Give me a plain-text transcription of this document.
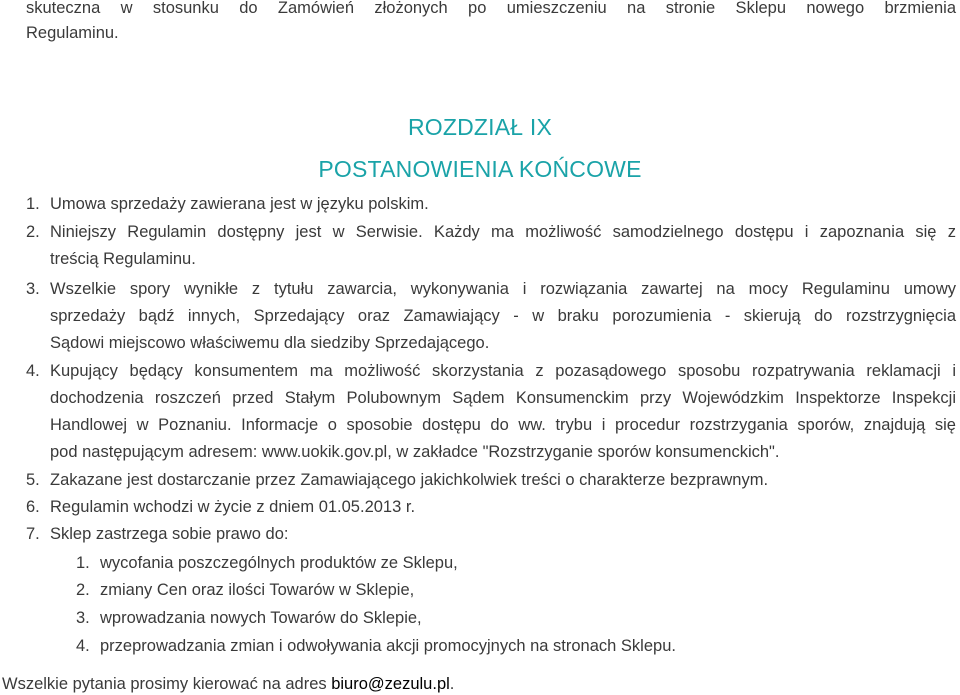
skuteczna w stosunku do Zamówień złożonych po umieszczeniu na stronie Sklepu nowego brzmienia
Regulaminu.
ROZDZIAŁ IX
POSTANOWIENIA KOŃCOWE
1. Umowa sprzedaży zawierana jest w języku polskim.
2. Niniejszy Regulamin dostępny jest w Serwisie. Każdy ma możliwość samodzielnego dostępu i zapoznania się z
treścią Regulaminu.
3. Wszelkie spory wynikłe z tytułu zawarcia, wykonywania i rozwiązania zawartej na mocy Regulaminu umowy
sprzedaży bądź innych, Sprzedający oraz Zamawiający - w braku porozumienia - skierują do rozstrzygnięcia
Sądowi miejscowo właściwemu dla siedziby Sprzedającego.
4. Kupujący będący konsumentem ma możliwość skorzystania z pozasądowego sposobu rozpatrywania reklamacji i
dochodzenia roszczeń przed Stałym Polubownym Sądem Konsumenckim przy Wojewódzkim Inspektorze Inspekcji
Handlowej w Poznaniu. Informacje o sposobie dostępu do ww. trybu i procedur rozstrzygania sporów, znajdują się
pod następującym adresem: www.uokik.gov.pl, w zakładce "Rozstrzyganie sporów konsumenckich".
5. Zakazane jest dostarczanie przez Zamawiającego jakichkolwiek treści o charakterze bezprawnym.
6. Regulamin wchodzi w życie z dniem 01.05.2013 r.
7. Sklep zastrzega sobie prawo do:
1. wycofania poszczególnych produktów ze Sklepu,
2. zmiany Cen oraz ilości Towarów w Sklepie,
3. wprowadzania nowych Towarów do Sklepie,
4. przeprowadzania zmian i odwoływania akcji promocyjnych na stronach Sklepu.
Wszelkie pytania prosimy kierować na adres biuro@zezulu.pl.
